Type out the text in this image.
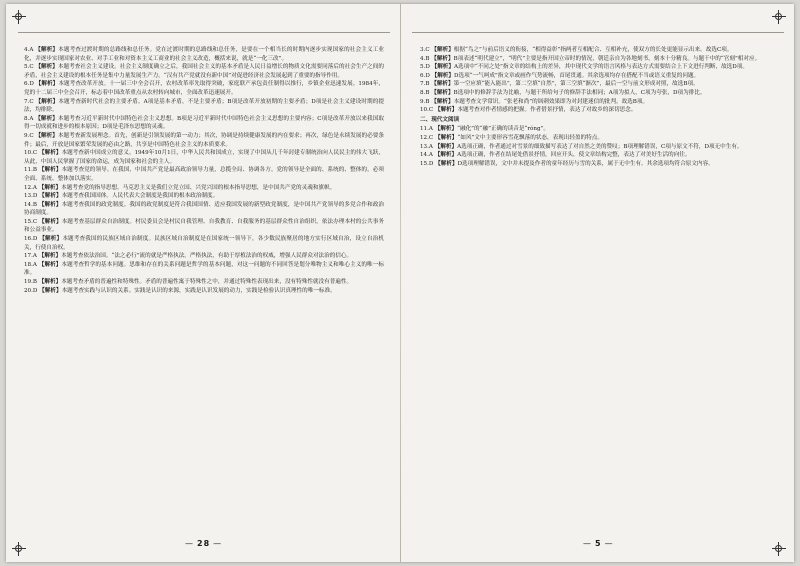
4.A 【解析】本题考查过渡时期的总路线和总任务。党在过渡时期的总路线和总任务，是要在一个相当长的时期内逐步实现国家的社会主义工业化，并逐步实现国家对农业、对手工业和对资本主义工商业的社会主义改造，概括来说，就是“一化三改”。

5.C 【解析】本题考查社会主义建设。社会主义制度确立之后，我国社会主义的基本矛盾是人民日益增长的物质文化需要同落后的社会生产之间的矛盾，社会主义建设的根本任务是集中力量发展生产力。“汉有共产党就没有新中国”对促进经济社会发展起到了重要的指导作用。

6.D 【解析】本题考查改革开放。十一届三中全会召开，农村改革率先取得突破，家庭联产承包责任制得以推行，乡镇企业迅速发展。1984年，党的十二届三中全会召开，标志着中国改革重点从农村转向城市，全面改革迅速展开。

7.C 【解析】本题考查新时代社会的主要矛盾。A项是基本矛盾，不是主要矛盾；B项是改革开放初期的主要矛盾；D项是社会主义建设时期的提法，均排除。

8.A 【解析】本题考查习近平新时代中国特色社会主义思想。B项是习近平新时代中国特色社会主义思想的主要内容；C项是改革开放以来我国取得一切成就和进步的根本原因；D项是毛泽东思想的灵魂。

9.C 【解析】本题考查新发展理念。首先，创新是引领发展的第一动力；其次，协调是持续健康发展的内在要求；再次，绿色是永续发展的必要条件；最后，开放是国家繁荣发展的必由之路，共享是中国特色社会主义的本质要求。

10.C 【解析】本题考查新中国成立的意义。1949年10月1日，中华人民共和国成立，实现了中国从几千年封建专制统治向人民民主的伟大飞跃，从此，中国人民掌握了国家的命运，成为国家和社会的主人。

11.B 【解析】本题考查党的领导。在我国，中国共产党是最高政治领导力量，总揽全局、协调各方。党的领导是全面的、系统的、整体的，必须全面、系统、整体加以落实。

12.A 【解析】本题考查党的指导思想。马克思主义是我们立党立国、兴党兴国的根本指导思想，是中国共产党的灵魂和旗帜。

13.D 【解析】本题考查我国国体。人民代表大会制度是我国的根本政治制度。

14.B 【解析】本题考查我国的政党制度。我国的政党制度是符合我国国情、适应我国发展的新型政党制度，是中国共产党领导的多党合作和政治协商制度。

15.C 【解析】本题考查基层群众自治制度。村民委员会是村民自我管理、自我教育、自我服务的基层群众性自治组织，依法办理本村的公共事务和公益事业。

16.D 【解析】本题考查我国的民族区域自治制度。民族区域自治制度是在国家统一领导下，各少数民族聚居的地方实行区域自治，设立自治机关，行使自治权。

17.A 【解析】本题考查依法治国。“法之必行”流的就是严格执法。严格执法，有助于厚植法治的权威，增强人民群众对法治的信心。

18.A 【解析】本题考查哲学的基本问题。思维和存在的关系问题是哲学的基本问题，对这一问题的不同回答是划分唯物主义和唯心主义的唯一标准。

19.B 【解析】本题考查矛盾的普遍性和特殊性。矛盾的普遍性寓于特殊性之中，并通过特殊性表现出来，没有特殊性就没有普遍性。

20.D 【解析】本题考查实践与认识的关系。实践是认识的来源，实践是认识发展的动力，实践是检验认识真理性的唯一标准。

3.C 【解析】根据“鸟之”与前后语义的衔接，“相得益彰”指两者互相配合、互相补充，使双方的长处更能显示出来。故选C项。

4.B 【解析】B项表述“明代建立”，“明代”主要是指开国立帝时的情况，朝廷亲自为各地刻书，刻本十分精良。与题干中的“官刻”相对应。

5.D 【解析】A选项中“不同之处”指文章的结构上的差异，其中现代文学的语言风格与表达方式需要结合上下文进行判断，故选D项。

6.D 【解析】D选项“一气呵成”指文章或画作气势流畅，首尾贯通。其余选项均存在搭配不当或语义重复的问题。

7.B 【解析】第一空应填“能入能出”，第二空填“自然”，第三空填“渐次”，最后一空与前文形成对照，故选B项。

8.B 【解析】B选项中的修辞手法为比喻，与题干所给句子的修辞手法相同；A项为拟人，C项为夸张，D项为排比。

9.B 【解析】本题考查文学常识。“张老和尚”的讽刺效果即为对封建迷信的批判。故选B项。

10.C 【解析】本题考查对作者情感的把握。作者借景抒情，表达了对故乡的深切思念。

二、现代文阅读

11.A 【解析】“融化”的“融”正确的读音是“róng”。

12.C 【解析】“如风”文中主要形容雪花飘落的状态，表现出轻盈的特点。

13.A 【解析】A选项正确，作者通过对雪景的细致描写表达了对自然之美的赞叹；B项理解错误，C项与原文不符，D项无中生有。

14.A 【解析】A选项正确，作者在结尾处借景抒情，回应开头，使文章结构完整，表达了对美好生活的向往。

15.D 【解析】D选项理解错误，文中并未提及作者的童年经历与雪的关系，属于无中生有。其余选项均符合原文内容。

— 28 —
—	5 —
